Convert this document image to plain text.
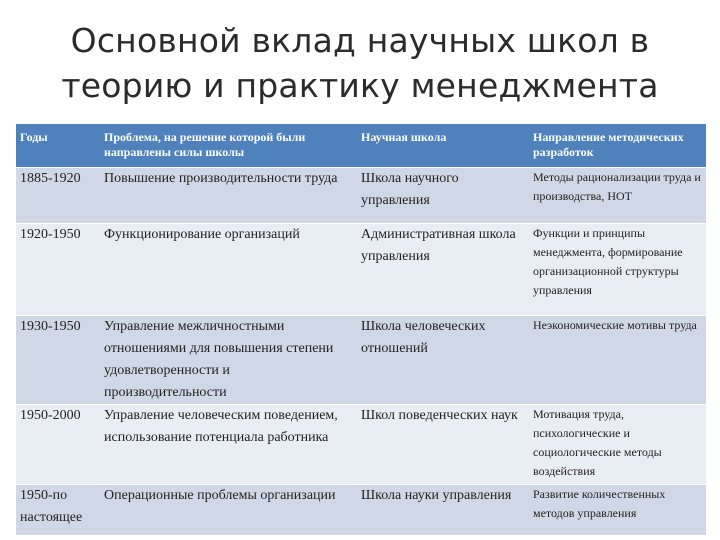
Основной вклад научных школ в
теорию и практику менеджмента
Годы	Проблема, на решение которой были направлены силы школы	Научная школа	Направление методических разработок
1885-1920	Повышение производительности труда	Школа научного управления	Методы рационализации труда и производства, НОТ
1920-1950	Функционирование организаций	Административная школа управления	Функции и принципы менеджмента, формирование организационной структуры управления
1930-1950	Управление межличностными отношениями для повышения степени удовлетворенности и производительности	Школа человеческих отношений	Неэкономические мотивы труда
1950-2000	Управление человеческим поведением, использование потенциала работника	Школ поведенческих наук	Мотивация труда, психологические и социологические методы воздействия
1950-по настоящее	Операционные проблемы организации	Школа науки управления	Развитие количественных методов управления
